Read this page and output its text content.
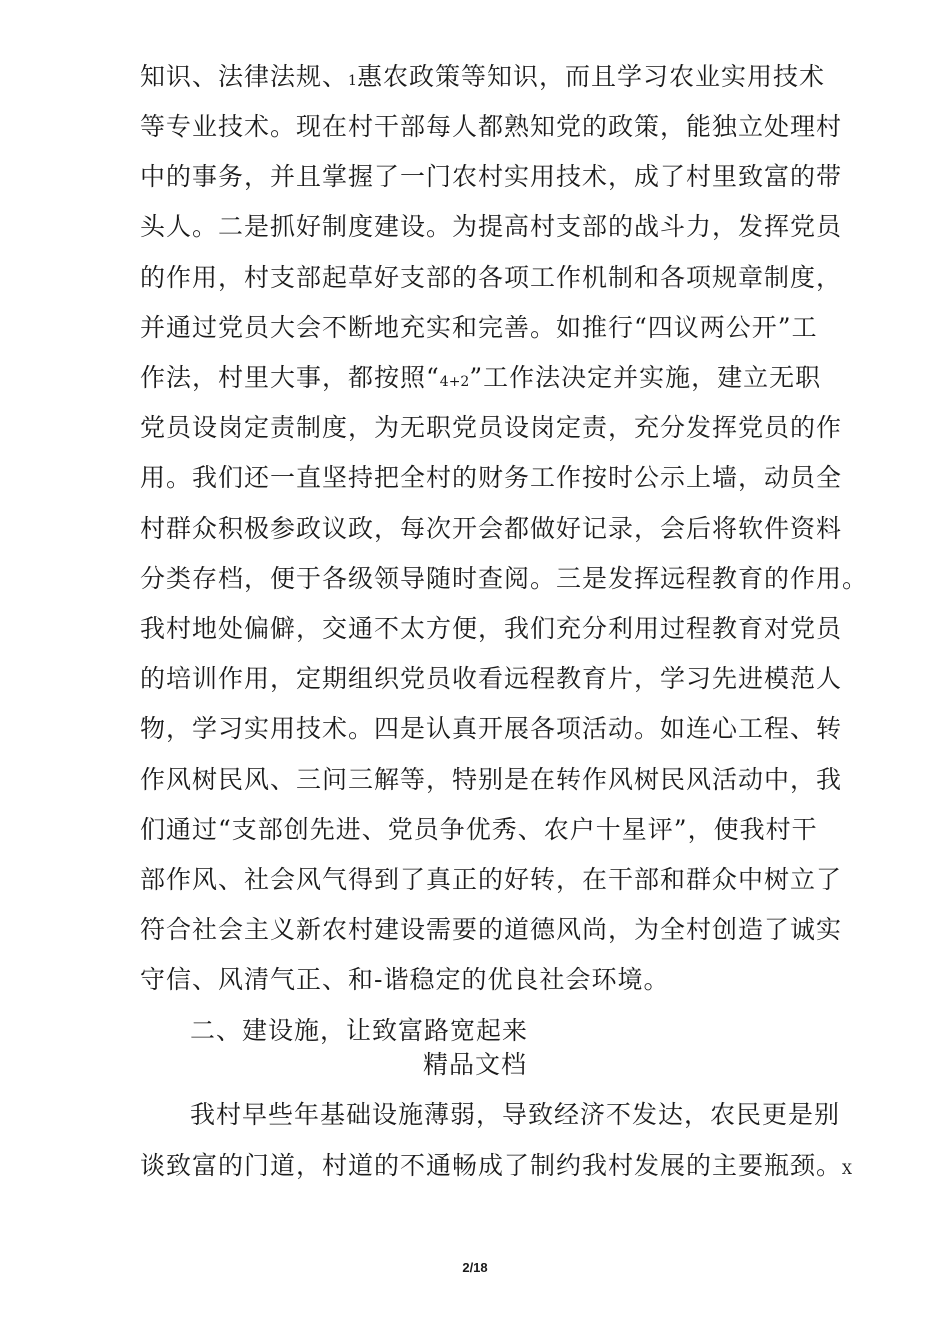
知识、法律法规、1惠农政策等知识，而且学习农业实用技术
等专业技术。现在村干部每人都熟知党的政策，能独立处理村
中的事务，并且掌握了一门农村实用技术，成了村里致富的带
头人。二是抓好制度建设。为提高村支部的战斗力，发挥党员
的作用，村支部起草好支部的各项工作机制和各项规章制度，
并通过党员大会不断地充实和完善。如推行“四议两公开”工
作法，村里大事，都按照“4+2”工作法决定并实施，建立无职
党员设岗定责制度，为无职党员设岗定责，充分发挥党员的作
用。我们还一直坚持把全村的财务工作按时公示上墙，动员全
村群众积极参政议政，每次开会都做好记录，会后将软件资料
分类存档，便于各级领导随时查阅。三是发挥远程教育的作用。
我村地处偏僻，交通不太方便，我们充分利用过程教育对党员
的培训作用，定期组织党员收看远程教育片，学习先进模范人
物，学习实用技术。四是认真开展各项活动。如连心工程、转
作风树民风、三问三解等，特别是在转作风树民风活动中，我
们通过“支部创先进、党员争优秀、农户十星评”，使我村干
部作风、社会风气得到了真正的好转，在干部和群众中树立了
符合社会主义新农村建设需要的道德风尚，为全村创造了诚实
守信、风清气正、和-谐稳定的优良社会环境。
二、建设施，让致富路宽起来
精品文档
我村早些年基础设施薄弱，导致经济不发达，农民更是别
谈致富的门道，村道的不通畅成了制约我村发展的主要瓶颈。X
2/18
